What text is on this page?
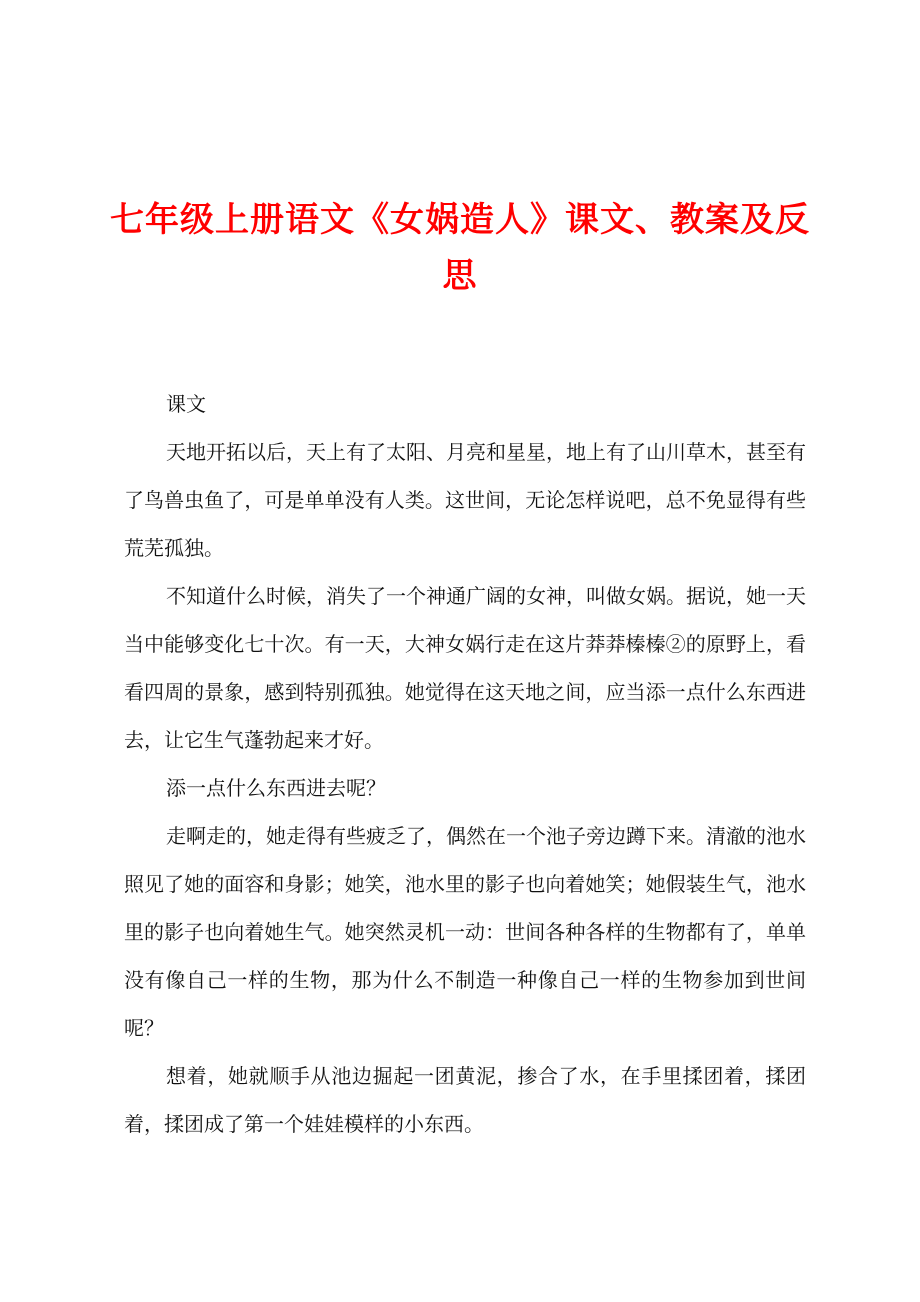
七年级上册语文《女娲造人》课文、教案及反思

课文

天地开拓以后，天上有了太阳、月亮和星星，地上有了山川草木，甚至有了鸟兽虫鱼了，可是单单没有人类。这世间，无论怎样说吧，总不免显得有些荒芜孤独。

不知道什么时候，消失了一个神通广阔的女神，叫做女娲。据说，她一天当中能够变化七十次。有一天，大神女娲行走在这片莽莽榛榛②的原野上，看看四周的景象，感到特别孤独。她觉得在这天地之间，应当添一点什么东西进去，让它生气蓬勃起来才好。

添一点什么东西进去呢？

走啊走的，她走得有些疲乏了，偶然在一个池子旁边蹲下来。清澈的池水照见了她的面容和身影；她笑，池水里的影子也向着她笑；她假装生气，池水里的影子也向着她生气。她突然灵机一动：世间各种各样的生物都有了，单单没有像自己一样的生物，那为什么不制造一种像自己一样的生物参加到世间呢？

想着，她就顺手从池边掘起一团黄泥，掺合了水，在手里揉团着，揉团着，揉团成了第一个娃娃模样的小东西。
